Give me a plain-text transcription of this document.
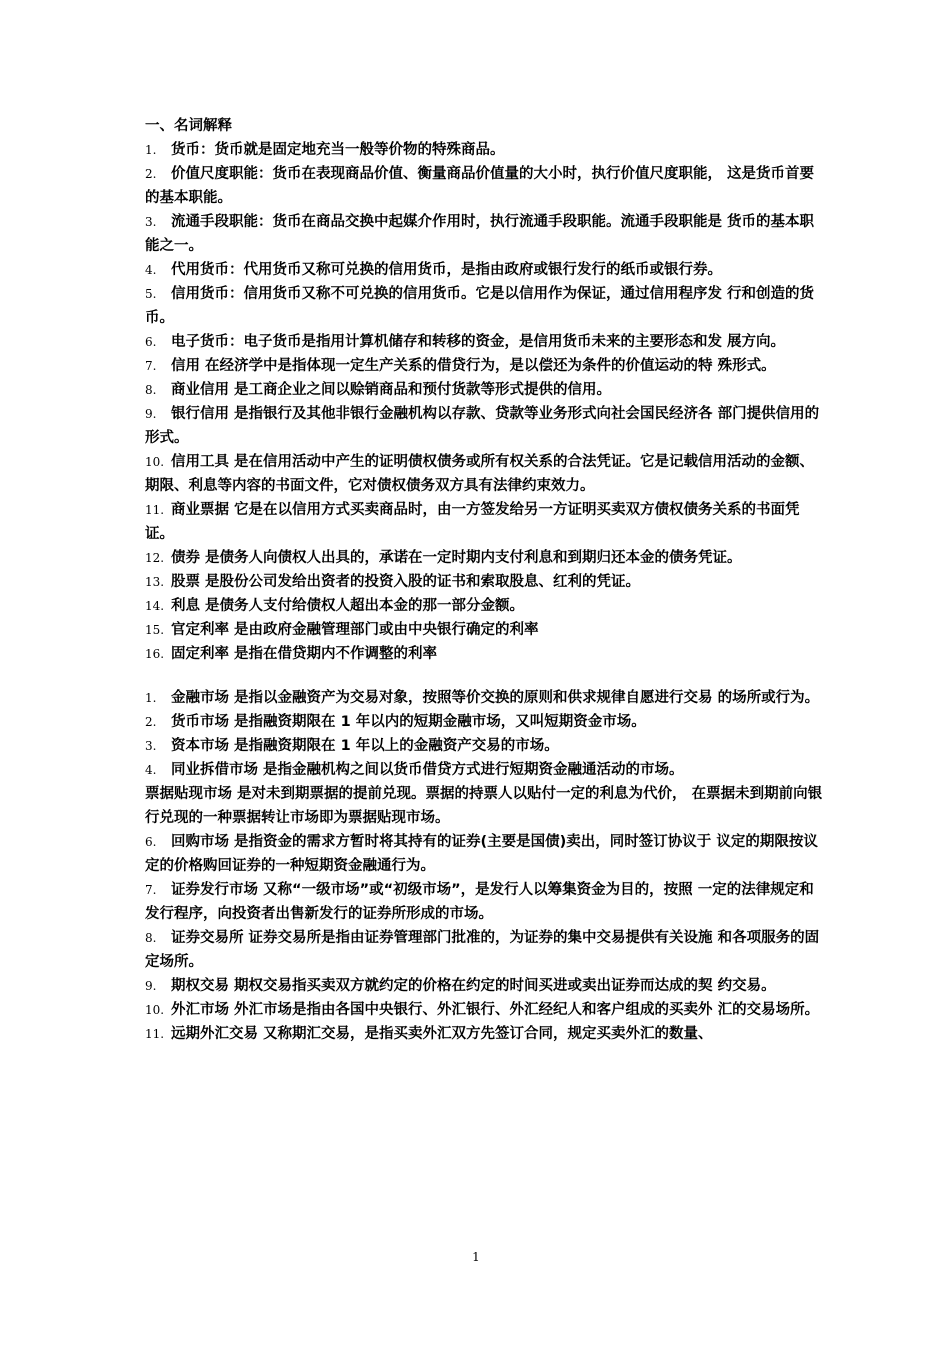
一、名词解释
1. 货币：货币就是固定地充当一般等价物的特殊商品。
2. 价值尺度职能：货币在表现商品价值、衡量商品价值量的大小时，执行价值尺度职能， 这是货币首要的基本职能。
3. 流通手段职能：货币在商品交换中起媒介作用时，执行流通手段职能。流通手段职能是 货币的基本职能之一。
4. 代用货币：代用货币又称可兑换的信用货币，是指由政府或银行发行的纸币或银行券。
5. 信用货币：信用货币又称不可兑换的信用货币。它是以信用作为保证，通过信用程序发 行和创造的货币。
6. 电子货币：电子货币是指用计算机储存和转移的资金，是信用货币未来的主要形态和发 展方向。
7. 信用 在经济学中是指体现一定生产关系的借贷行为，是以偿还为条件的价值运动的特 殊形式。
8. 商业信用 是工商企业之间以赊销商品和预付货款等形式提供的信用。
9. 银行信用 是指银行及其他非银行金融机构以存款、贷款等业务形式向社会国民经济各 部门提供信用的形式。
10. 信用工具 是在信用活动中产生的证明债权债务或所有权关系的合法凭证。它是记载信用活动的金额、期限、利息等内容的书面文件，它对债权债务双方具有法律约束效力。
11. 商业票据 它是在以信用方式买卖商品时，由一方签发给另一方证明买卖双方债权债务关系的书面凭证。
12. 债券 是债务人向债权人出具的，承诺在一定时期内支付利息和到期归还本金的债务凭证。
13. 股票 是股份公司发给出资者的投资入股的证书和索取股息、红利的凭证。
14. 利息 是债务人支付给债权人超出本金的那一部分金额。
15. 官定利率 是由政府金融管理部门或由中央银行确定的利率
16. 固定利率 是指在借贷期内不作调整的利率
1. 金融市场 是指以金融资产为交易对象，按照等价交换的原则和供求规律自愿进行交易 的场所或行为。
2. 货币市场 是指融资期限在 1 年以内的短期金融市场，又叫短期资金市场。
3. 资本市场 是指融资期限在 1 年以上的金融资产交易的市场。
4. 同业拆借市场 是指金融机构之间以货币借贷方式进行短期资金融通活动的市场。
票据贴现市场 是对未到期票据的提前兑现。票据的持票人以贴付一定的利息为代价， 在票据未到期前向银行兑现的一种票据转让市场即为票据贴现市场。
6. 回购市场 是指资金的需求方暂时将其持有的证券(主要是国债)卖出，同时签订协议于 议定的期限按议定的价格购回证券的一种短期资金融通行为。
7. 证券发行市场 又称“一级市场”或“初级市场”，是发行人以筹集资金为目的，按照 一定的法律规定和发行程序，向投资者出售新发行的证券所形成的市场。
8. 证券交易所 证券交易所是指由证券管理部门批准的，为证券的集中交易提供有关设施 和各项服务的固定场所。
9. 期权交易 期权交易指买卖双方就约定的价格在约定的时间买进或卖出证券而达成的契 约交易。
10. 外汇市场 外汇市场是指由各国中央银行、外汇银行、外汇经纪人和客户组成的买卖外 汇的交易场所。
11. 远期外汇交易 又称期汇交易，是指买卖外汇双方先签订合同，规定买卖外汇的数量、
1
